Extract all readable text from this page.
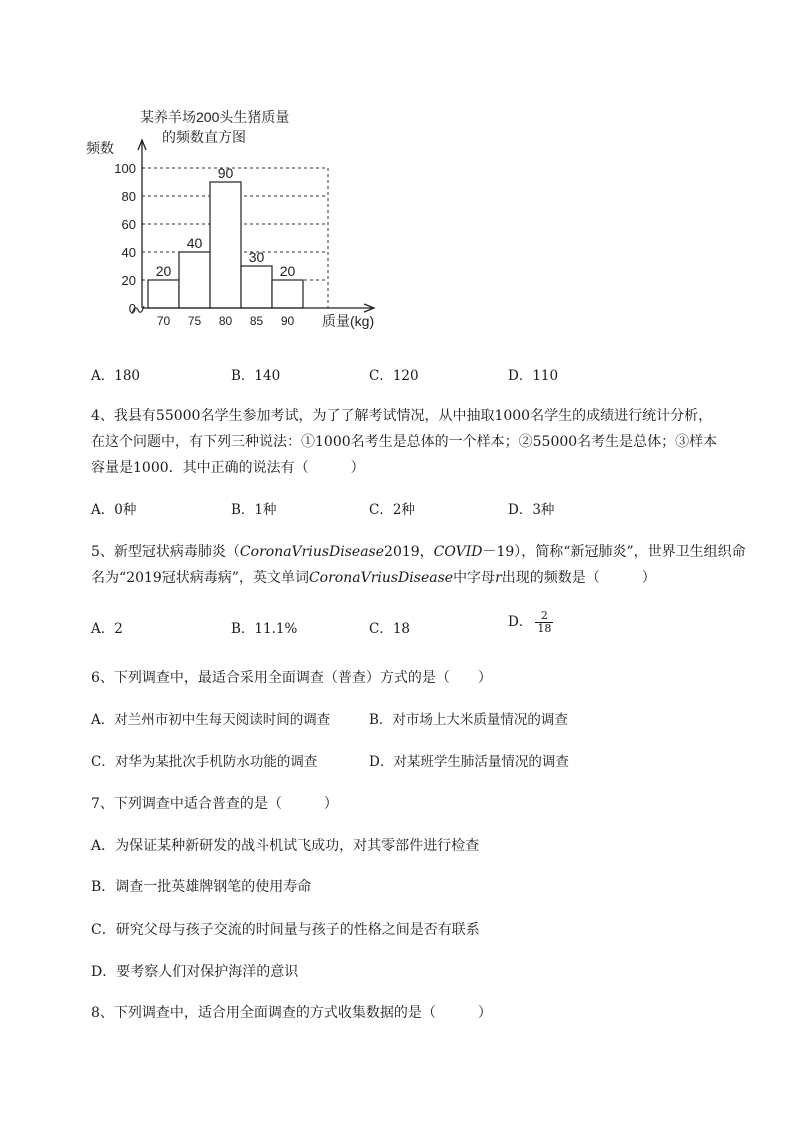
某养羊场200头生猪质量
的频数直方图
频数
质量(kg)
0
20
40
60
80
100
20
70
40
75
90
80
30
85
20
90
A．180	B．140	C．120	D．110
4、我县有55000名学生参加考试，为了了解考试情况，从中抽取1000名学生的成绩进行统计分析，
在这个问题中，有下列三种说法：①1000名考生是总体的一个样本；②55000名考生是总体；③样本
容量是1000．其中正确的说法有（　　　）
A．0种	B．1种	C．2种	D．3种
5、新型冠状病毒肺炎（CoronaVriusDisease2019，COVID－19），简称“新冠肺炎”，世界卫生组织命
名为“2019冠状病毒病”，英文单词CoronaVriusDisease中字母r出现的频数是（　　　）
A．2	B．11.1%	C．18	D． $\frac{2}{18}$
6、下列调查中，最适合采用全面调查（普查）方式的是（　　）
A．对兰州市初中生每天阅读时间的调查	B．对市场上大米质量情况的调查
C．对华为某批次手机防水功能的调查	D．对某班学生肺活量情况的调查
7、下列调查中适合普查的是（　　　）
A．为保证某种新研发的战斗机试飞成功，对其零部件进行检查
B．调查一批英雄牌钢笔的使用寿命
C．研究父母与孩子交流的时间量与孩子的性格之间是否有联系
D．要考察人们对保护海洋的意识
8、下列调查中，适合用全面调查的方式收集数据的是（　　　）
